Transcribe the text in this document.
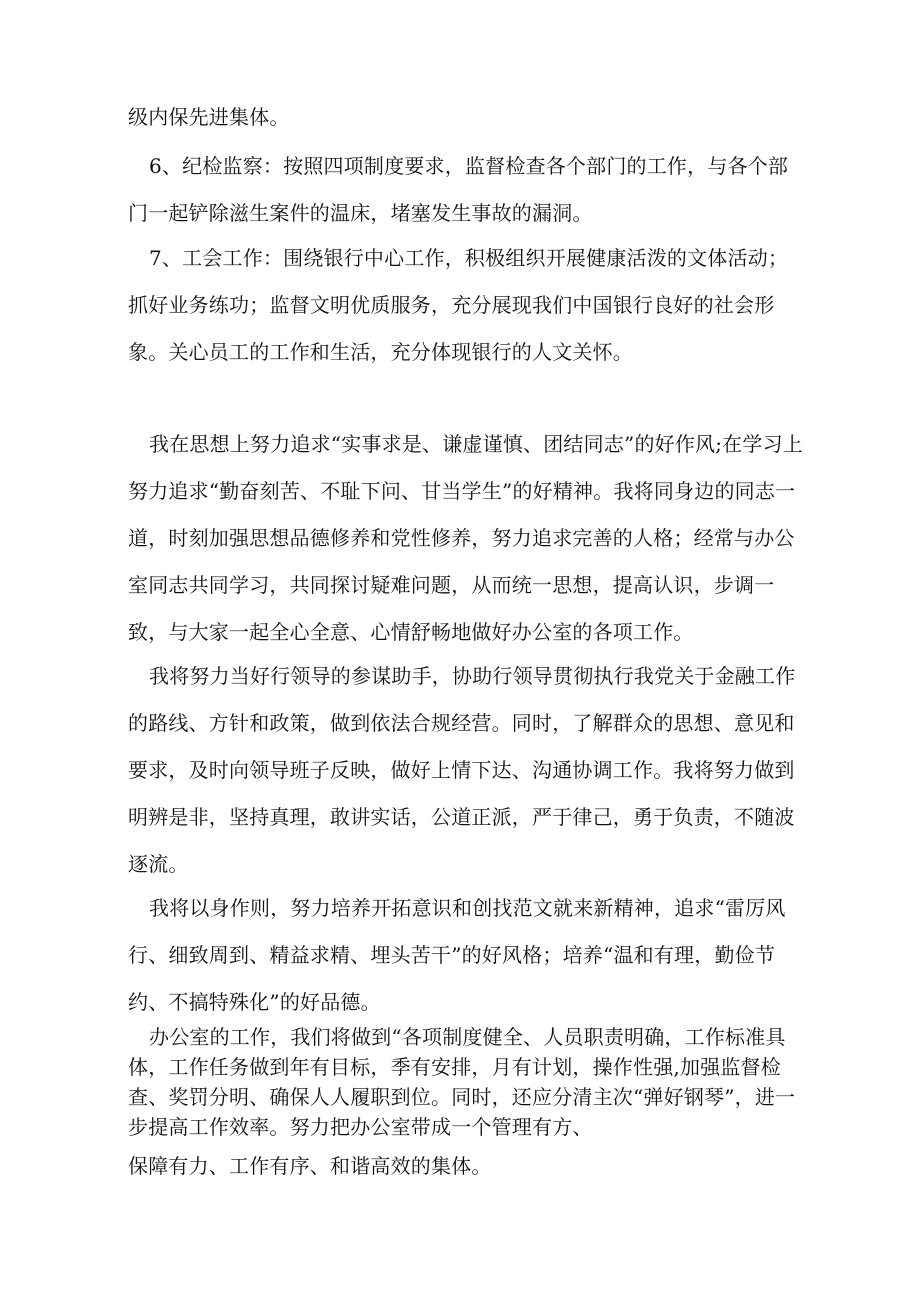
级内保先进集体。

6、纪检监察：按照四项制度要求，监督检查各个部门的工作，与各个部门一起铲除滋生案件的温床，堵塞发生事故的漏洞。

7、工会工作：围绕银行中心工作，积极组织开展健康活泼的文体活动；抓好业务练功；监督文明优质服务，充分展现我们中国银行良好的社会形象。关心员工的工作和生活，充分体现银行的人文关怀。

我在思想上努力追求“实事求是、谦虚谨慎、团结同志”的好作风;在学习上努力追求“勤奋刻苦、不耻下问、甘当学生”的好精神。我将同身边的同志一道，时刻加强思想品德修养和党性修养，努力追求完善的人格；经常与办公室同志共同学习，共同探讨疑难问题，从而统一思想，提高认识，步调一致，与大家一起全心全意、心情舒畅地做好办公室的各项工作。

我将努力当好行领导的参谋助手，协助行领导贯彻执行我党关于金融工作的路线、方针和政策，做到依法合规经营。同时，了解群众的思想、意见和要求，及时向领导班子反映，做好上情下达、沟通协调工作。我将努力做到明辨是非，坚持真理，敢讲实话，公道正派，严于律己，勇于负责，不随波逐流。

我将以身作则，努力培养开拓意识和创找范文就来新精神，追求“雷厉风行、细致周到、精益求精、埋头苦干”的好风格；培养“温和有理，勤俭节约、不搞特殊化”的好品德。

办公室的工作，我们将做到“各项制度健全、人员职责明确，工作标准具体，工作任务做到年有目标，季有安排，月有计划，操作性强,加强监督检查、奖罚分明、确保人人履职到位。同时，还应分清主次“弹好钢琴”，进一步提高工作效率。努力把办公室带成一个管理有方、

保障有力、工作有序、和谐高效的集体。
